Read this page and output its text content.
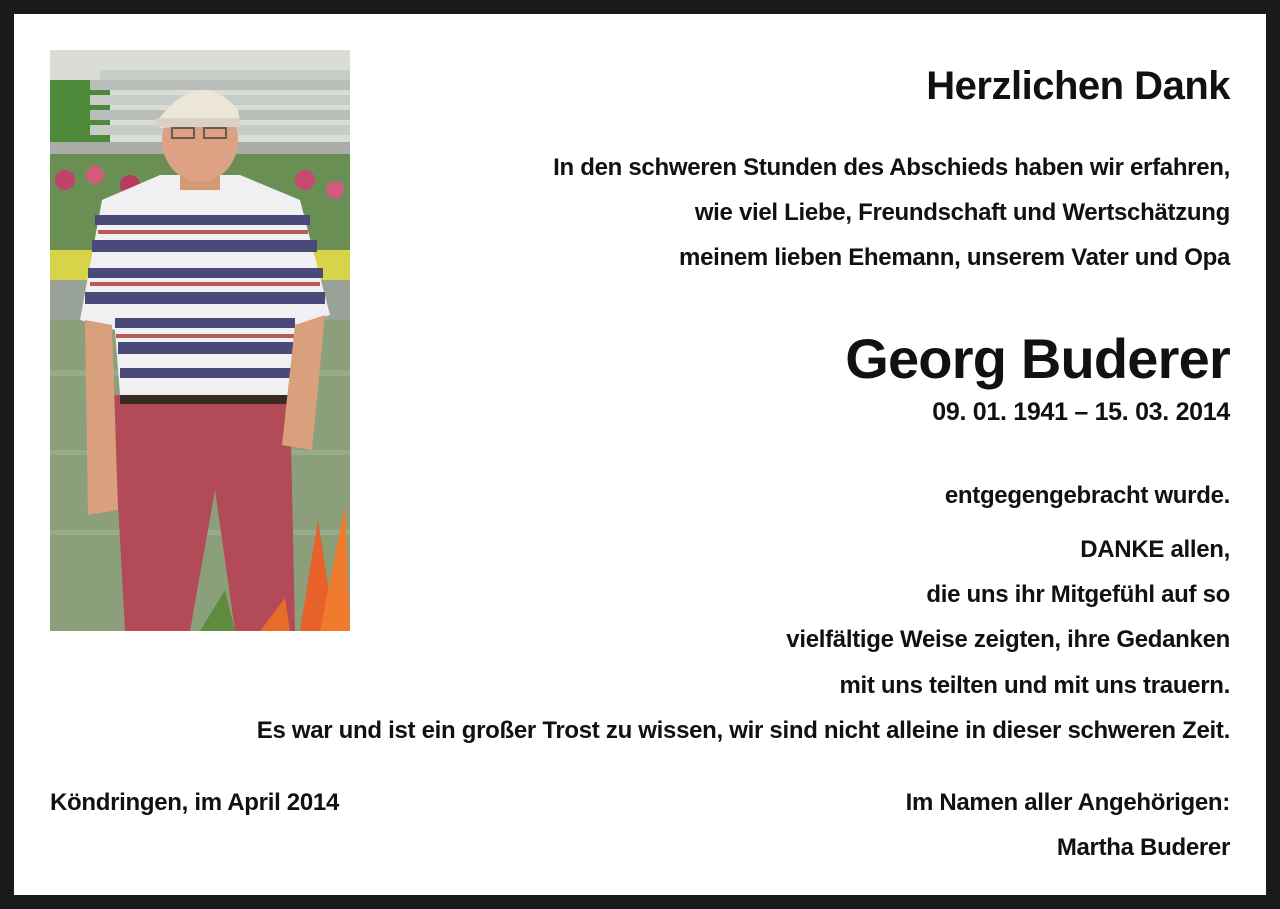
Herzlichen Dank
In den schweren Stunden des Abschieds haben wir erfahren,
wie viel Liebe, Freundschaft und Wertschätzung
meinem lieben Ehemann, unserem Vater und Opa
Georg Buderer
09. 01. 1941 – 15. 03. 2014
entgegengebracht wurde.
DANKE allen,
die uns ihr Mitgefühl auf so
vielfältige Weise zeigten, ihre Gedanken
mit uns teilten und mit uns trauern.
Es war und ist ein großer Trost zu wissen, wir sind nicht alleine in dieser schweren Zeit.
Köndringen, im April 2014	Im Namen aller Angehörigen:
Martha Buderer
